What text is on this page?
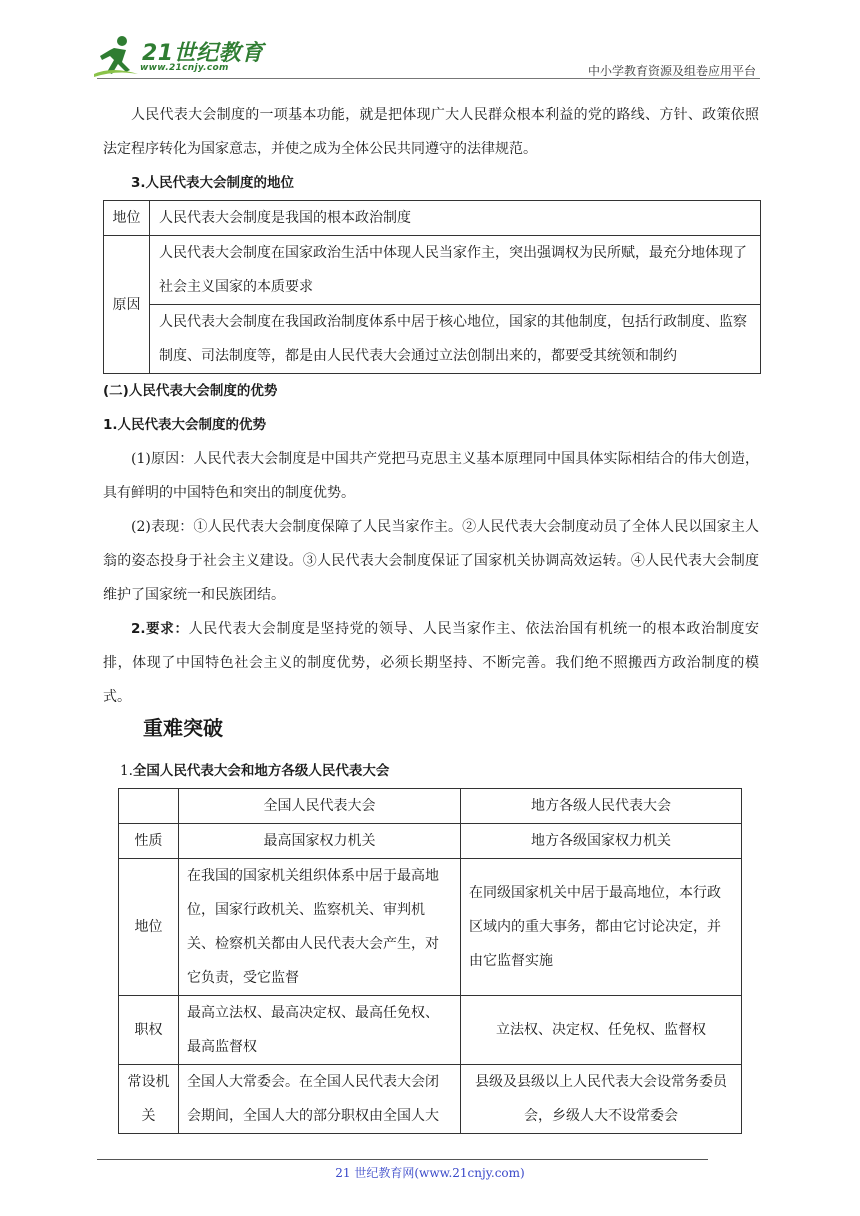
21世纪教育
www.21cnjy.com	中小学教育资源及组卷应用平台

人民代表大会制度的一项基本功能，就是把体现广大人民群众根本利益的党的路线、方针、政策依照法定程序转化为国家意志，并使之成为全体公民共同遵守的法律规范。

3.人民代表大会制度的地位

地位	人民代表大会制度是我国的根本政治制度
原因	人民代表大会制度在国家政治生活中体现人民当家作主，突出强调权为民所赋，最充分地体现了社会主义国家的本质要求
	人民代表大会制度在我国政治制度体系中居于核心地位，国家的其他制度，包括行政制度、监察制度、司法制度等，都是由人民代表大会通过立法创制出来的，都要受其统领和制约

(二)人民代表大会制度的优势

1.人民代表大会制度的优势

(1)原因：人民代表大会制度是中国共产党把马克思主义基本原理同中国具体实际相结合的伟大创造，具有鲜明的中国特色和突出的制度优势。

(2)表现：①人民代表大会制度保障了人民当家作主。②人民代表大会制度动员了全体人民以国家主人翁的姿态投身于社会主义建设。③人民代表大会制度保证了国家机关协调高效运转。④人民代表大会制度维护了国家统一和民族团结。

2.要求：人民代表大会制度是坚持党的领导、人民当家作主、依法治国有机统一的根本政治制度安排，体现了中国特色社会主义的制度优势，必须长期坚持、不断完善。我们绝不照搬西方政治制度的模式。

重难突破
1.全国人民代表大会和地方各级人民代表大会
	全国人民代表大会	地方各级人民代表大会
性质	最高国家权力机关	地方各级国家权力机关
地位	在我国的国家机关组织体系中居于最高地位，国家行政机关、监察机关、审判机关、检察机关都由人民代表大会产生，对它负责，受它监督	在同级国家机关中居于最高地位，本行政区域内的重大事务，都由它讨论决定，并由它监督实施
职权	最高立法权、最高决定权、最高任免权、最高监督权	立法权、决定权、任免权、监督权
常设机关	全国人大常委会。在全国人民代表大会闭会期间，全国人大的部分职权由全国人大	县级及县级以上人民代表大会设常务委员会，乡级人大不设常委会
21 世纪教育网(www.21cnjy.com)
